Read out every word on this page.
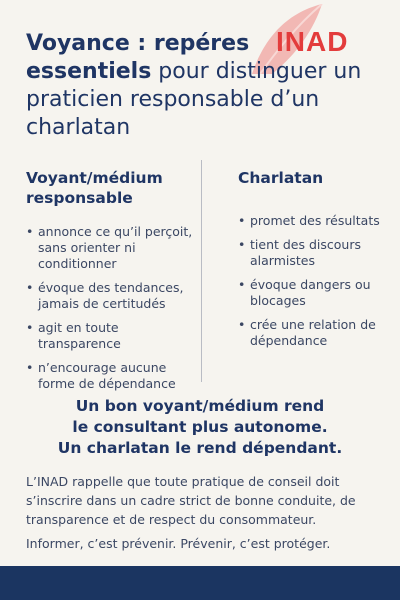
INAD
Voyance : repéres essentiels pour distinguer un praticien responsable d’un charlatan
Voyant/médium responsable
• annonce ce qu’il perçoit, sans orienter ni conditionner
• évoque des tendances, jamais de certitudés
• agit en toute transparence
• n’encourage aucune forme de dépendance
Charlatan
• promet des résultats
• tient des discours alarmistes
• évoque dangers ou blocages
• crée une relation de dépendance
Un bon voyant/médium rend
le consultant plus autonome.
Un charlatan le rend dépendant.

L’INAD rappelle que toute pratique de conseil doit s’inscrire dans un cadre strict de bonne conduite, de transparence et de respect du consommateur.

Informer, c’est prévenir. Prévenir, c’est protéger.
